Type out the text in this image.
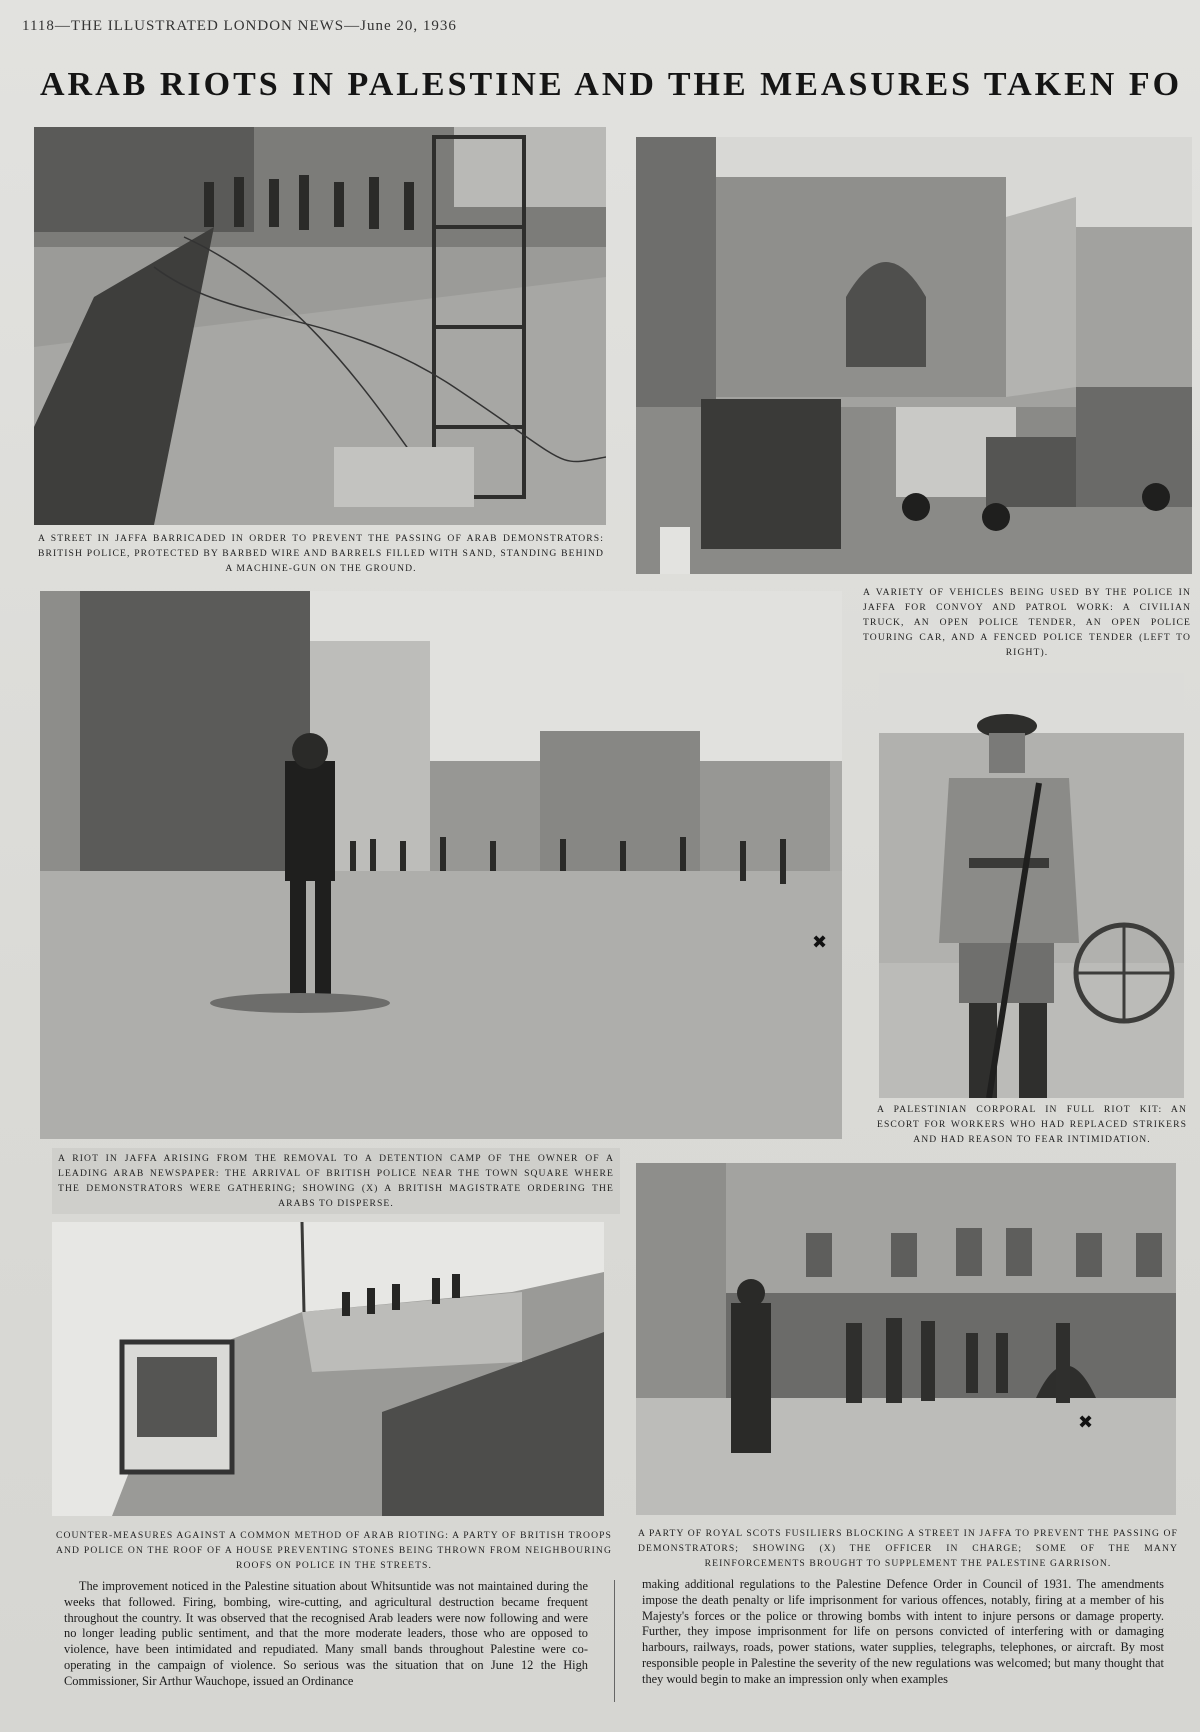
1118—THE ILLUSTRATED LONDON NEWS—June 20, 1936
ARAB RIOTS IN PALESTINE AND THE MEASURES TAKEN FO
A STREET IN JAFFA BARRICADED IN ORDER TO PREVENT THE PASSING OF ARAB DEMONSTRATORS: BRITISH POLICE, PROTECTED BY BARBED WIRE AND BARRELS FILLED WITH SAND, STANDING BEHIND A MACHINE-GUN ON THE GROUND.
A VARIETY OF VEHICLES BEING USED BY THE POLICE IN JAFFA FOR CONVOY AND PATROL WORK: A CIVILIAN TRUCK, AN OPEN POLICE TENDER, AN OPEN POLICE TOURING CAR, AND A FENCED POLICE TENDER (LEFT TO RIGHT).
✖
A RIOT IN JAFFA ARISING FROM THE REMOVAL TO A DETENTION CAMP OF THE OWNER OF A LEADING ARAB NEWSPAPER: THE ARRIVAL OF BRITISH POLICE NEAR THE TOWN SQUARE WHERE THE DEMONSTRATORS WERE GATHERING; SHOWING (X) A BRITISH MAGISTRATE ORDERING THE ARABS TO DISPERSE.
A PALESTINIAN CORPORAL IN FULL RIOT KIT: AN ESCORT FOR WORKERS WHO HAD REPLACED STRIKERS AND HAD REASON TO FEAR INTIMIDATION.
COUNTER-MEASURES AGAINST A COMMON METHOD OF ARAB RIOTING: A PARTY OF BRITISH TROOPS AND POLICE ON THE ROOF OF A HOUSE PREVENTING STONES BEING THROWN FROM NEIGHBOURING ROOFS ON POLICE IN THE STREETS.
✖
A PARTY OF ROYAL SCOTS FUSILIERS BLOCKING A STREET IN JAFFA TO PREVENT THE PASSING OF DEMONSTRATORS; SHOWING (X) THE OFFICER IN CHARGE; SOME OF THE MANY REINFORCEMENTS BROUGHT TO SUPPLEMENT THE PALESTINE GARRISON.
The improvement noticed in the Palestine situation about Whitsuntide was not maintained during the weeks that followed. Firing, bombing, wire-cutting, and agricultural destruction became frequent throughout the country. It was observed that the recognised Arab leaders were now following and were no longer leading public sentiment, and that the more moderate leaders, those who are opposed to violence, have been intimidated and repudiated. Many small bands throughout Palestine were co-operating in the campaign of violence. So serious was the situation that on June 12 the High Commissioner, Sir Arthur Wauchope, issued an Ordinance
making additional regulations to the Palestine Defence Order in Council of 1931. The amendments impose the death penalty or life imprisonment for various offences, notably, firing at a member of his Majesty's forces or the police or throwing bombs with intent to injure persons or damage property. Further, they impose imprisonment for life on persons convicted of interfering with or damaging harbours, railways, roads, power stations, water supplies, telegraphs, telephones, or aircraft. By most responsible people in Palestine the severity of the new regulations was welcomed; but many thought that they would begin to make an impression only when examples
